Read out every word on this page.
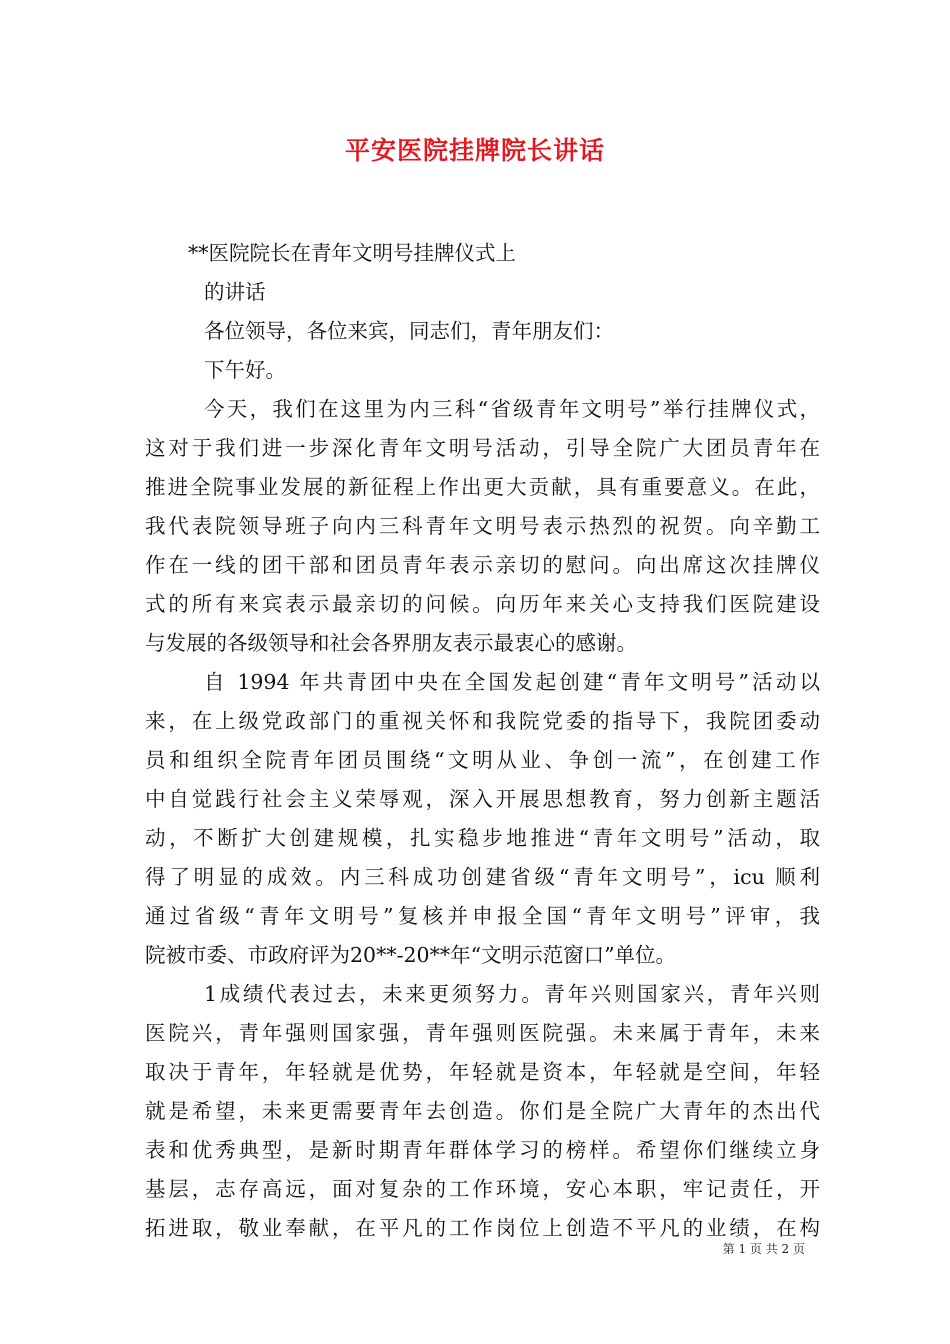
平安医院挂牌院长讲话

**医院院长在青年文明号挂牌仪式上

的讲话

各位领导，各位来宾，同志们，青年朋友们：

下午好。

今天，我们在这里为内三科“省级青年文明号”举行挂牌仪式，

这对于我们进一步深化青年文明号活动，引导全院广大团员青年在

推进全院事业发展的新征程上作出更大贡献，具有重要意义。在此，

我代表院领导班子向内三科青年文明号表示热烈的祝贺。向辛勤工

作在一线的团干部和团员青年表示亲切的慰问。向出席这次挂牌仪

式的所有来宾表示最亲切的问候。向历年来关心支持我们医院建设

与发展的各级领导和社会各界朋友表示最衷心的感谢。

自 1994 年共青团中央在全国发起创建“青年文明号”活动以

来，在上级党政部门的重视关怀和我院党委的指导下，我院团委动

员和组织全院青年团员围绕“文明从业、争创一流”，在创建工作

中自觉践行社会主义荣辱观，深入开展思想教育，努力创新主题活

动，不断扩大创建规模，扎实稳步地推进“青年文明号”活动，取

得了明显的成效。内三科成功创建省级“青年文明号”，icu 顺利

通过省级“青年文明号”复核并申报全国“青年文明号”评审，我

院被市委、市政府评为20**-20**年“文明示范窗口”单位。

1成绩代表过去，未来更须努力。青年兴则国家兴，青年兴则

医院兴，青年强则国家强，青年强则医院强。未来属于青年，未来

取决于青年，年轻就是优势，年轻就是资本，年轻就是空间，年轻

就是希望，未来更需要青年去创造。你们是全院广大青年的杰出代

表和优秀典型，是新时期青年群体学习的榜样。希望你们继续立身

基层，志存高远，面对复杂的工作环境，安心本职，牢记责任，开

拓进取，敬业奉献，在平凡的工作岗位上创造不平凡的业绩，在构

第 1 页 共 2 页
